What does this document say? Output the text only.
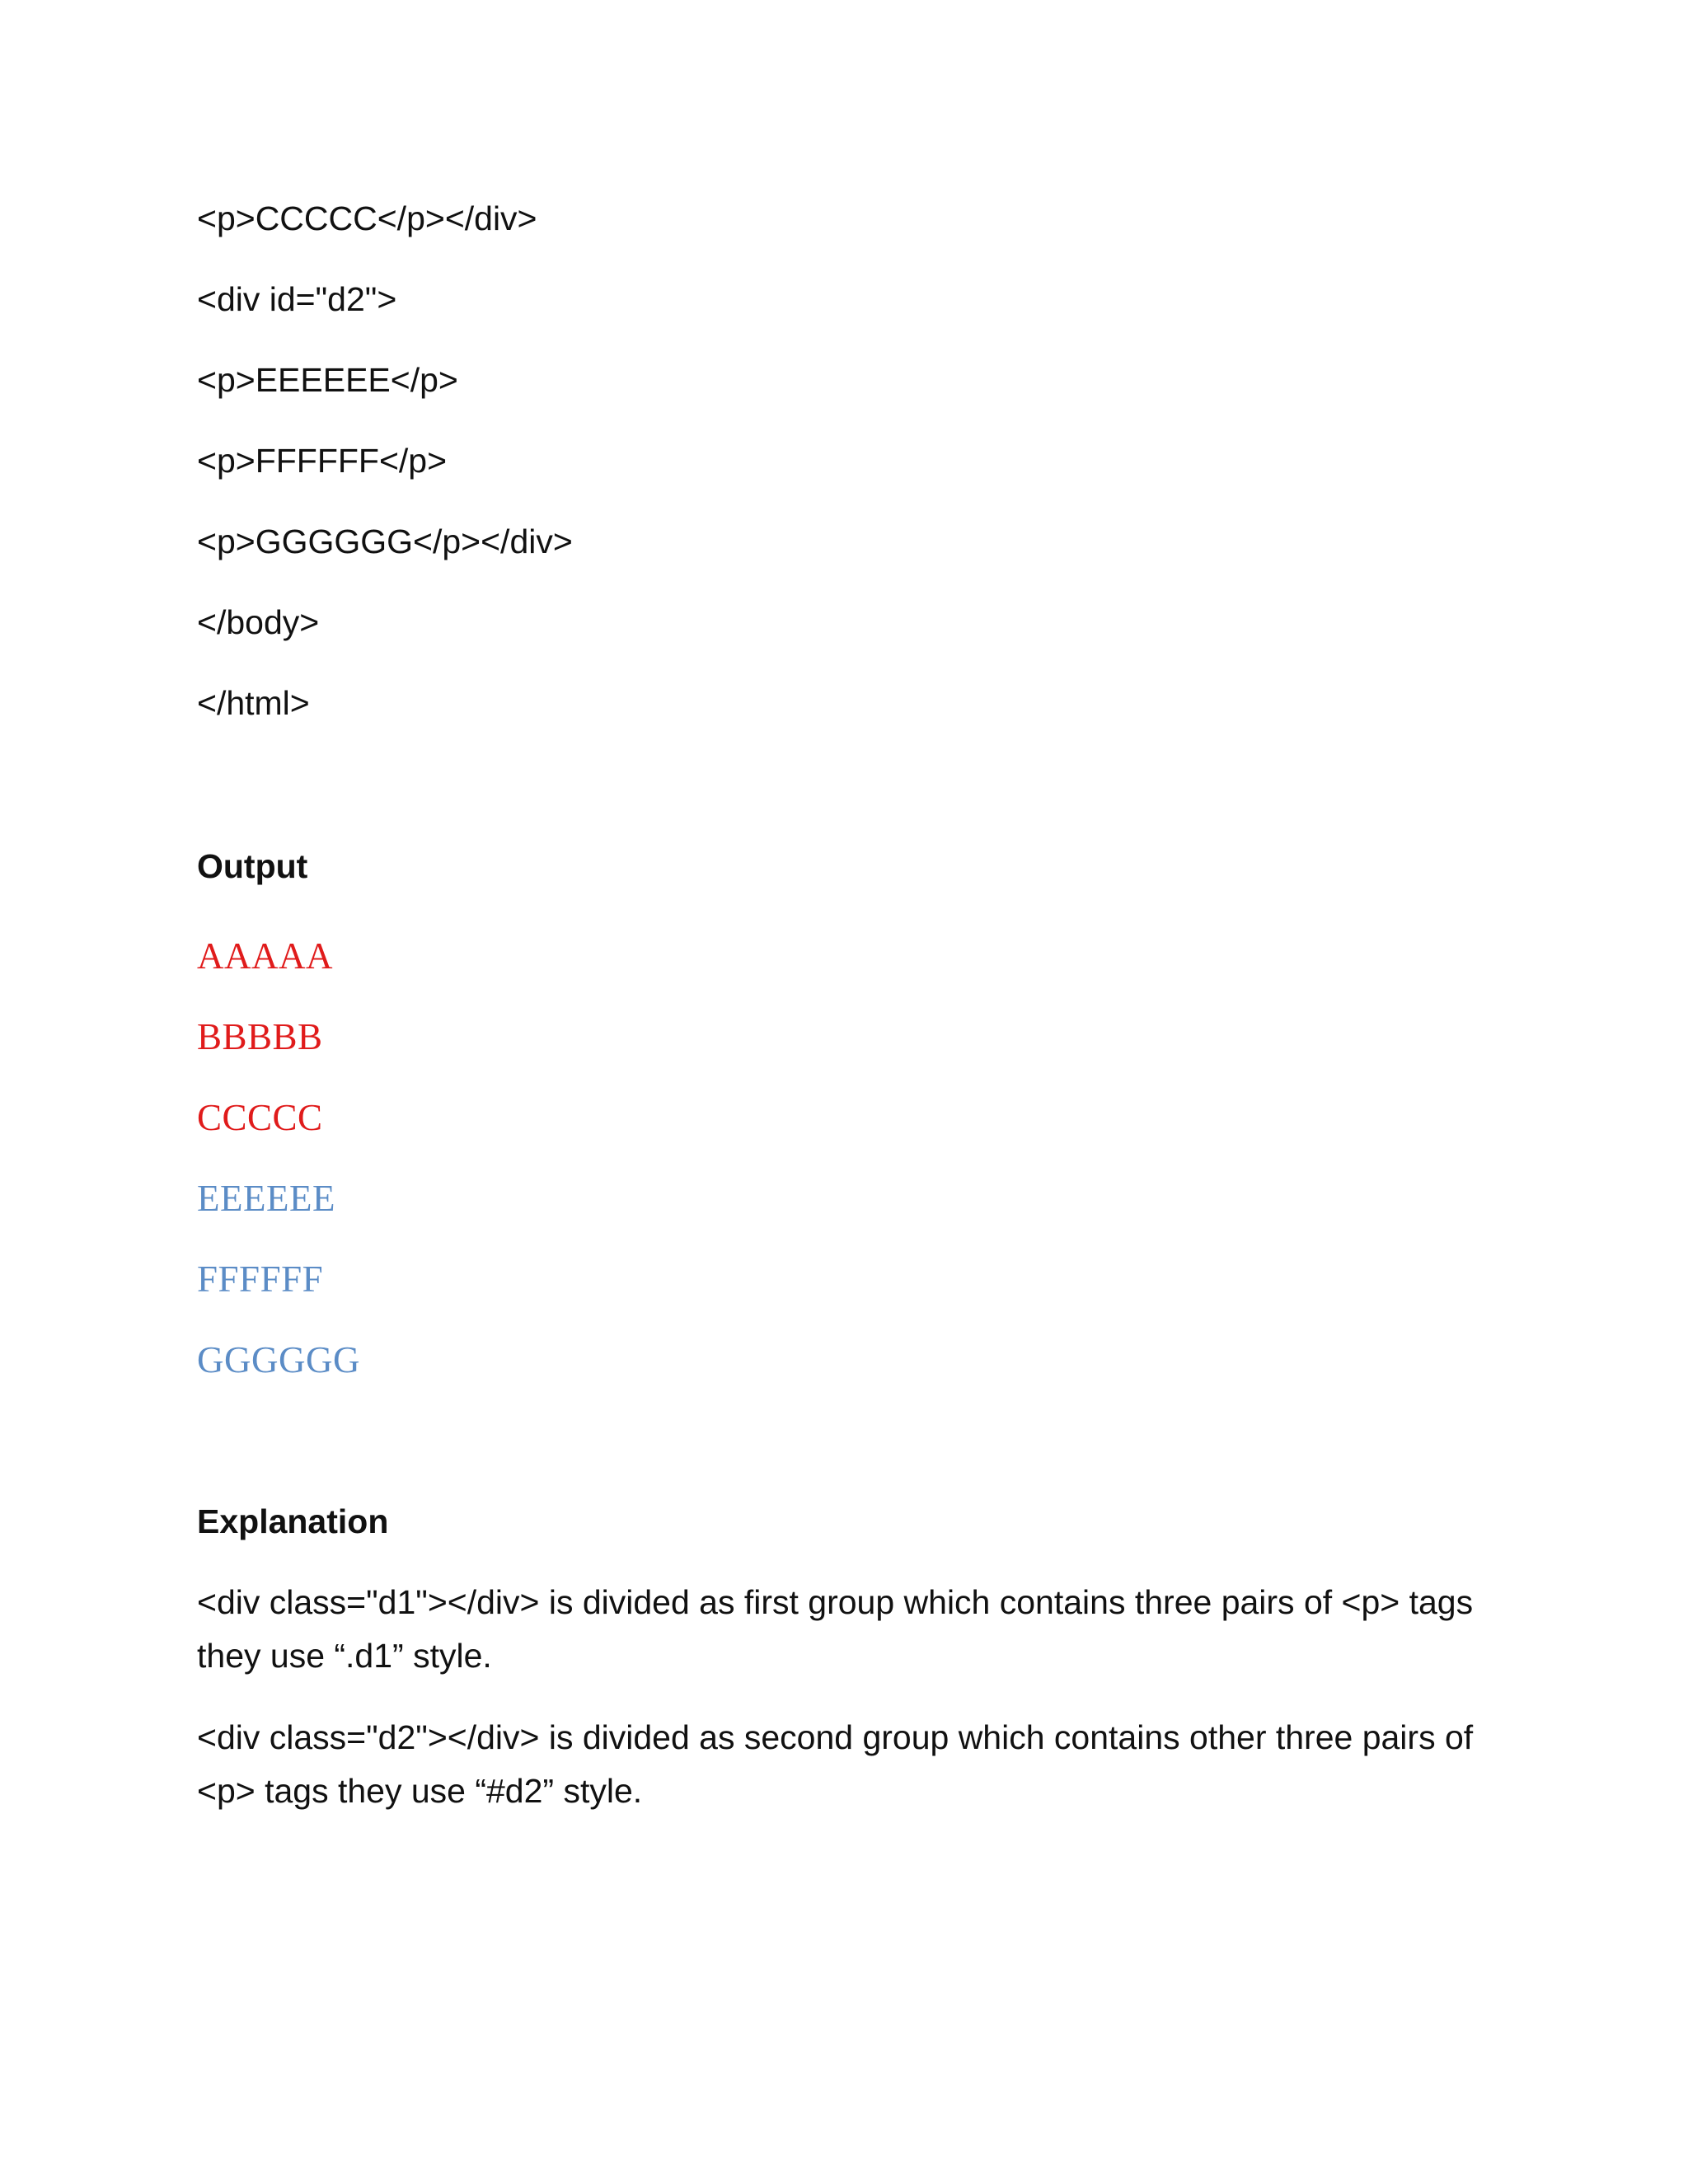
<p>CCCCC</p></div>
<div id="d2">
<p>EEEEEE</p>
<p>FFFFFF</p>
<p>GGGGGG</p></div>
</body>
</html>
Output
AAAAA
BBBBB
CCCCC
EEEEEE
FFFFFF
GGGGGG
Explanation
<div class="d1"></div> is divided as first group which contains three pairs of <p> tags they use “.d1” style.
<div class="d2"></div> is divided as second group which contains other three pairs of <p> tags they use “#d2” style.
